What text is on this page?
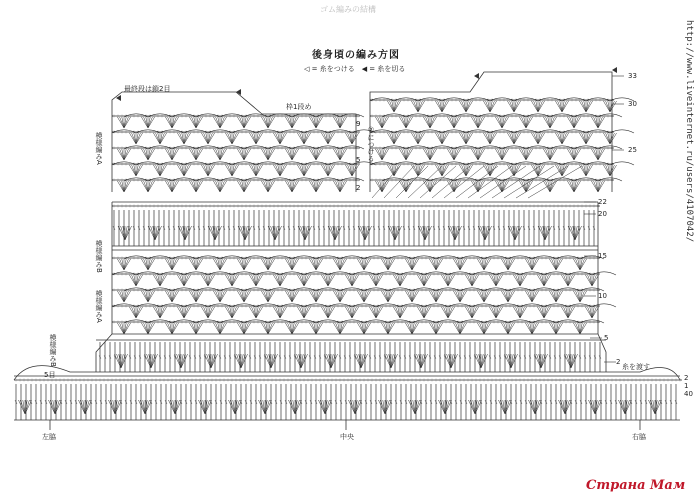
ゴム編みの結構
後身頃の編み方図
◁ = 糸をつける　◀ = 糸を切る
最終段は鎖2目
枠1段め
模様編みA
模様編みB
模様編みA
模様編みB
②につける
糸を渡す
5目
左脇	中央	右脇
33
30
25
22
20
15
10
5
2
2
1
40
9
5
2	http://www.liveinternet.ru/users/4107042/
Страна Мам
